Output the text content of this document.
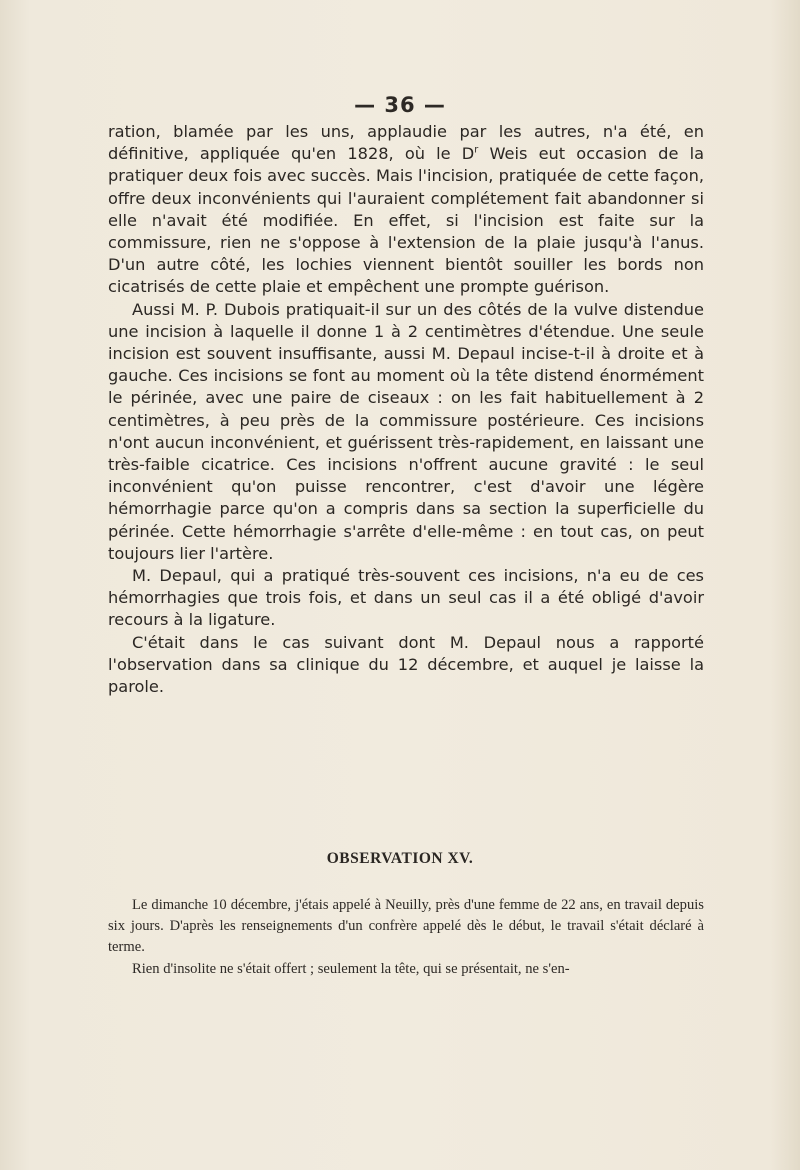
— 36 —

ration, blamée par les uns, applaudie par les autres, n'a été, en définitive, appliquée qu'en 1828, où le $D^r$ Weis eut occasion de la pratiquer deux fois avec succès. Mais l'incision, pratiquée de cette façon, offre deux inconvénients qui l'auraient complétement fait abandonner si elle n'avait été modifiée. En effet, si l'incision est faite sur la commissure, rien ne s'oppose à l'extension de la plaie jusqu'à l'anus. D'un autre côté, les lochies viennent bientôt souiller les bords non cicatrisés de cette plaie et empêchent une prompte guérison.

Aussi M. P. Dubois pratiquait-il sur un des côtés de la vulve distendue une incision à laquelle il donne 1 à 2 centimètres d'étendue. Une seule incision est souvent insuffisante, aussi M. Depaul incise-t-il à droite et à gauche. Ces incisions se font au moment où la tête distend énormément le périnée, avec une paire de ciseaux : on les fait habituellement à 2 centimètres, à peu près de la commissure postérieure. Ces incisions n'ont aucun inconvénient, et guérissent très-rapidement, en laissant une très-faible cicatrice. Ces incisions n'offrent aucune gravité : le seul inconvénient qu'on puisse rencontrer, c'est d'avoir une légère hémorrhagie parce qu'on a compris dans sa section la superficielle du périnée. Cette hémorrhagie s'arrête d'elle-même : en tout cas, on peut toujours lier l'artère.

M. Depaul, qui a pratiqué très-souvent ces incisions, n'a eu de ces hémorrhagies que trois fois, et dans un seul cas il a été obligé d'avoir recours à la ligature.

C'était dans le cas suivant dont M. Depaul nous a rapporté l'observation dans sa clinique du 12 décembre, et auquel je laisse la parole.

OBSERVATION XV.

Le dimanche 10 décembre, j'étais appelé à Neuilly, près d'une femme de 22 ans, en travail depuis six jours. D'après les renseignements d'un confrère appelé dès le début, le travail s'était déclaré à terme.

Rien d'insolite ne s'était offert ; seulement la tête, qui se présentait, ne s'en-
